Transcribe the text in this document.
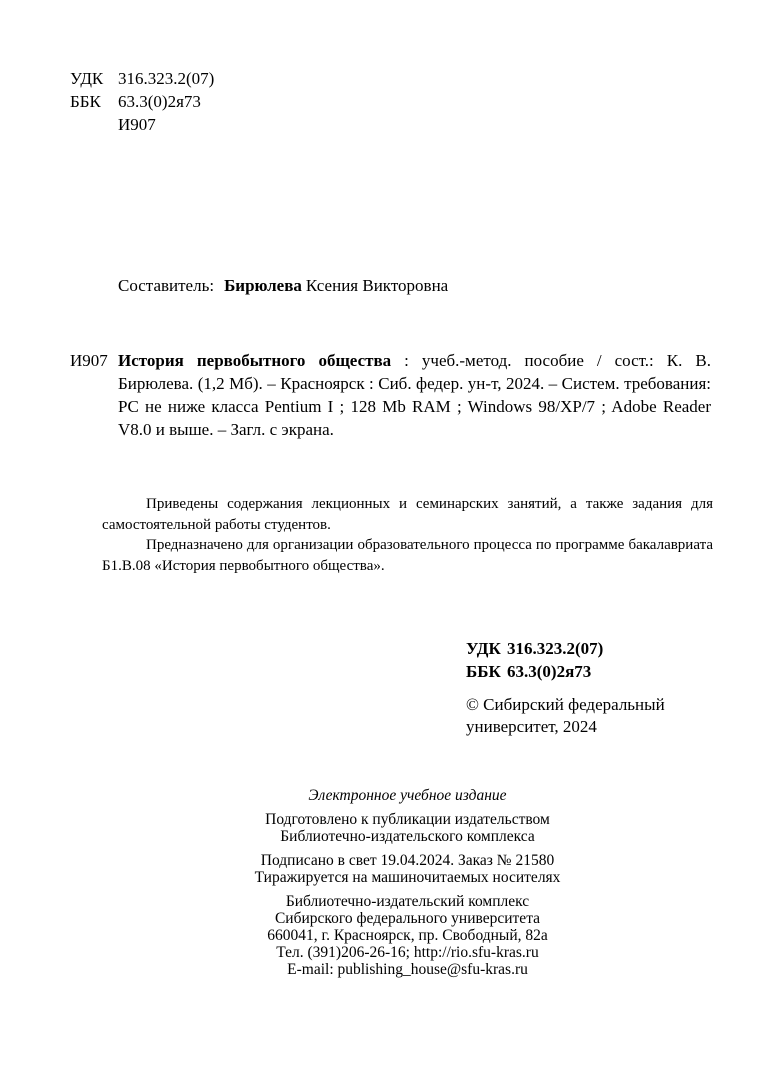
УДК 316.323.2(07)
ББК	63.3(0)2я73
И907
Составитель: Бирюлева Ксения Викторовна
И907 История первобытного общества : учеб.-метод. пособие / сост.: К. В. Бирюлева. (1,2 Мб). – Красноярск : Сиб. федер. ун-т, 2024. – Систем. требования: PC не ниже класса Pentium I ; 128 Mb RAM ; Windows 98/XP/7 ; Adobe Reader V8.0 и выше. – Загл. с экрана.

Приведены содержания лекционных и семинарских занятий, а также задания для самостоятельной работы студентов.

Предназначено для организации образовательного процесса по программе бакалавриата Б1.В.08 «История первобытного общества».

УДК 316.323.2(07)
ББК 63.3(0)2я73
© Сибирский федеральный
университет, 2024
Электронное учебное издание
Подготовлено к публикации издательством
Библиотечно-издательского комплекса
Подписано в свет 19.04.2024. Заказ № 21580
Тиражируется на машиночитаемых носителях
Библиотечно-издательский комплекс
Сибирского федерального университета
660041, г. Красноярск, пр. Свободный, 82а
Тел. (391)206-26-16; http://rio.sfu-kras.ru
E-mail: publishing_house@sfu-kras.ru
